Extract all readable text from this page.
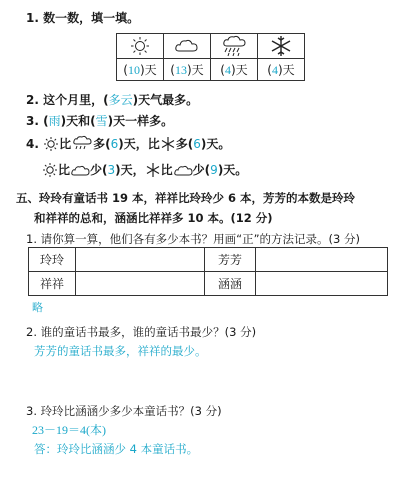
1. 数一数，填一填。

(10)天	(13)天	(4)天	(4)天
2. 这个月里，(多云)天气最多。
3. (雨)天和(雪)天一样多。
4. 比 多(6)天，比 多(6)天。
比 少(3)天， 比 少(9)天。
五、玲玲有童话书 19 本，祥祥比玲玲少 6 本，芳芳的本数是玲玲
和祥祥的总和，涵涵比祥祥多 10 本。(12 分)
1. 请你算一算，他们各有多少本书？用画“正”的方法记录。(3 分)
玲玲		芳芳	
祥祥		涵涵	
略
2. 谁的童话书最多，谁的童话书最少？(3 分)
芳芳的童话书最多，祥祥的最少。
3. 玲玲比涵涵少多少本童话书？(3 分)
23－19＝4(本)
答：玲玲比涵涵少 4 本童话书。
